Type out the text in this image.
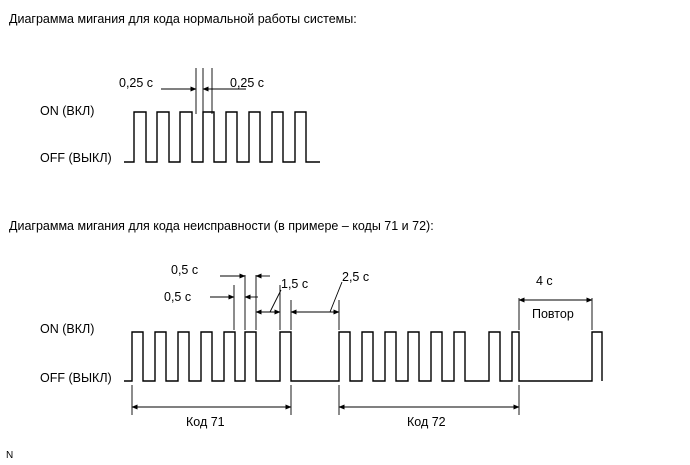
Диаграмма мигания для кода нормальной работы системы:
Диаграмма мигания для кода неисправности (в примере – коды 71 и 72):
ON (ВКЛ)
OFF (ВЫКЛ)
0,25 с	0,25 с
ON (ВКЛ)
OFF (ВЫКЛ)
0,5 с
0,5 с
1,5 с	2,5 с	4 с
Повтор
Код 71	Код 72
N
